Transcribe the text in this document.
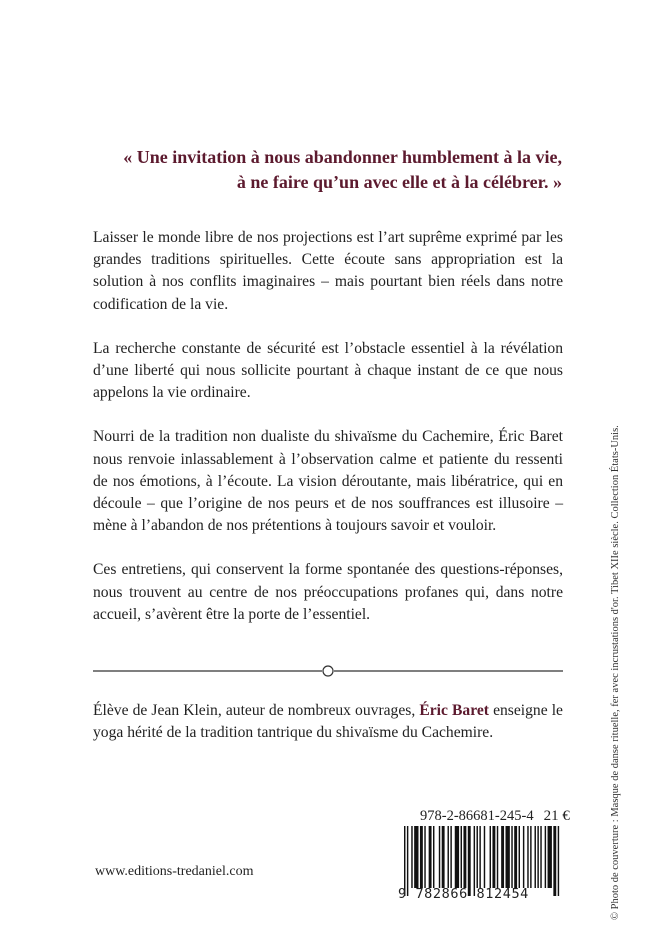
« Une invitation à nous abandonner humblement à la vie,
à ne faire qu’un avec elle et à la célébrer. »

Laisser le monde libre de nos projections est l’art suprême exprimé par les grandes traditions spirituelles. Cette écoute sans appropriation est la solution à nos conflits imaginaires – mais pourtant bien réels dans notre codification de la vie.

La recherche constante de sécurité est l’obstacle essentiel à la révélation d’une liberté qui nous sollicite pourtant à chaque instant de ce que nous appelons la vie ordinaire.

Nourri de la tradition non dualiste du shivaïsme du Cachemire, Éric Baret nous renvoie inlassablement à l’observation calme et patiente du ressenti de nos émotions, à l’écoute. La vision déroutante, mais libératrice, qui en découle – que l’origine de nos peurs et de nos souffrances est illusoire – mène à l’abandon de nos prétentions à toujours savoir et vouloir.

Ces entretiens, qui conservent la forme spontanée des questions-réponses, nous trouvent au centre de nos préoccupations profanes qui, dans notre accueil, s’avèrent être la porte de l’essentiel.

Élève de Jean Klein, auteur de nombreux ouvrages, Éric Baret enseigne le yoga hérité de la tradition tantrique du shivaïsme du Cachemire.
978-2-86681-245-4 21 €
9 782866 812454
www.editions-tredaniel.com	© Photo de couverture : Masque de danse rituelle, fer avec incrustations d'or. Tibet XIIe siècle. Collection États-Unis.
